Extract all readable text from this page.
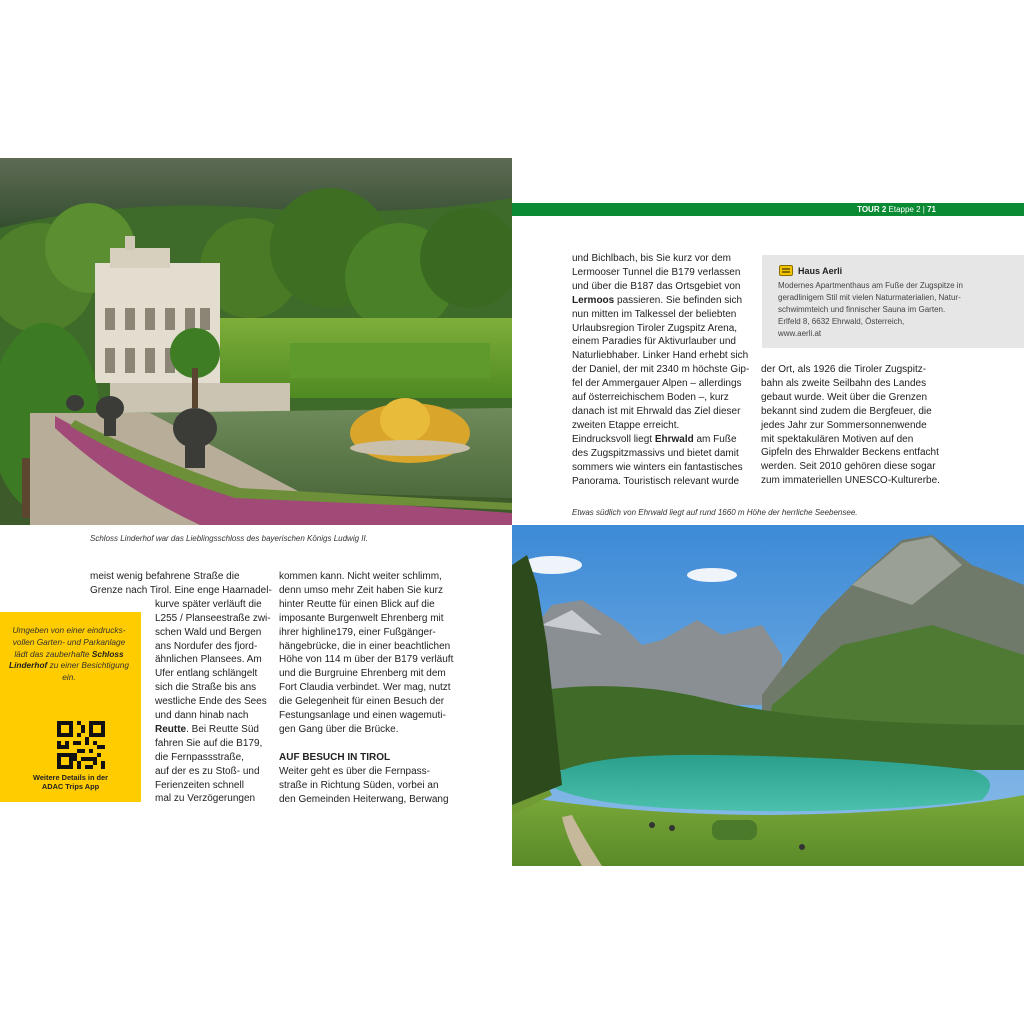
TOUR 2 Etappe 2 | 71
Haus Aerli
Modernes Apartmenthaus am Fuße der Zugspitze in
geradlinigem Stil mit vielen Naturmaterialien, Natur-
schwimmteich und finnischer Sauna im Garten.
Erlfeld 8, 6632 Ehrwald, Österreich,
www.aerli.at
und Bichlbach, bis Sie kurz vor dem
Lermooser Tunnel die B179 verlassen
und über die B187 das Ortsgebiet von
Lermoos passieren. Sie befinden sich
nun mitten im Talkessel der beliebten
Urlaubsregion Tiroler Zugspitz Arena,
einem Paradies für Aktivurlauber und
Naturliebhaber. Linker Hand erhebt sich
der Daniel, der mit 2340 m höchste Gip-
fel der Ammergauer Alpen – allerdings
auf österreichischem Boden –, kurz
danach ist mit Ehrwald das Ziel dieser
zweiten Etappe erreicht.
Eindrucksvoll liegt Ehrwald am Fuße
des Zugspitzmassivs und bietet damit
sommers wie winters ein fantastisches
Panorama. Touristisch relevant wurde
der Ort, als 1926 die Tiroler Zugspitz-
bahn als zweite Seilbahn des Landes
gebaut wurde. Weit über die Grenzen
bekannt sind zudem die Bergfeuer, die
jedes Jahr zur Sommersonnenwende
mit spektakulären Motiven auf den
Gipfeln des Ehrwalder Beckens entfacht
werden. Seit 2010 gehören diese sogar
zum immateriellen UNESCO-Kulturerbe.
Schloss Linderhof war das Lieblingsschloss des bayerischen Königs Ludwig II.
Etwas südlich von Ehrwald liegt auf rund 1660 m Höhe der herrliche Seebensee.
Umgeben von einer eindrucks- vollen Garten- und Parkanlage lädt das zauberhafte Schloss Linderhof zu einer Besichtigung ein.
Weitere Details in der
ADAC Trips App
meist wenig befahrene Straße die
Grenze nach Tirol. Eine enge Haarnadel-
kurve später verläuft die
L255 / Planseestraße zwi-
schen Wald und Bergen
ans Nordufer des fjord-
ähnlichen Plansees. Am
Ufer entlang schlängelt
sich die Straße bis ans
westliche Ende des Sees
und dann hinab nach
Reutte. Bei Reutte Süd
fahren Sie auf die B179,
die Fernpassstraße,
auf der es zu Stoß- und
Ferienzeiten schnell
mal zu Verzögerungen
kommen kann. Nicht weiter schlimm,
denn umso mehr Zeit haben Sie kurz
hinter Reutte für einen Blick auf die
imposante Burgenwelt Ehrenberg mit
ihrer highline179, einer Fußgänger-
hängebrücke, die in einer beachtlichen
Höhe von 114 m über der B179 verläuft
und die Burgruine Ehrenberg mit dem
Fort Claudia verbindet. Wer mag, nutzt
die Gelegenheit für einen Besuch der
Festungsanlage und einen wagemuti-
gen Gang über die Brücke.

AUF BESUCH IN TIROL
Weiter geht es über die Fernpass-
straße in Richtung Süden, vorbei an
den Gemeinden Heiterwang, Berwang
